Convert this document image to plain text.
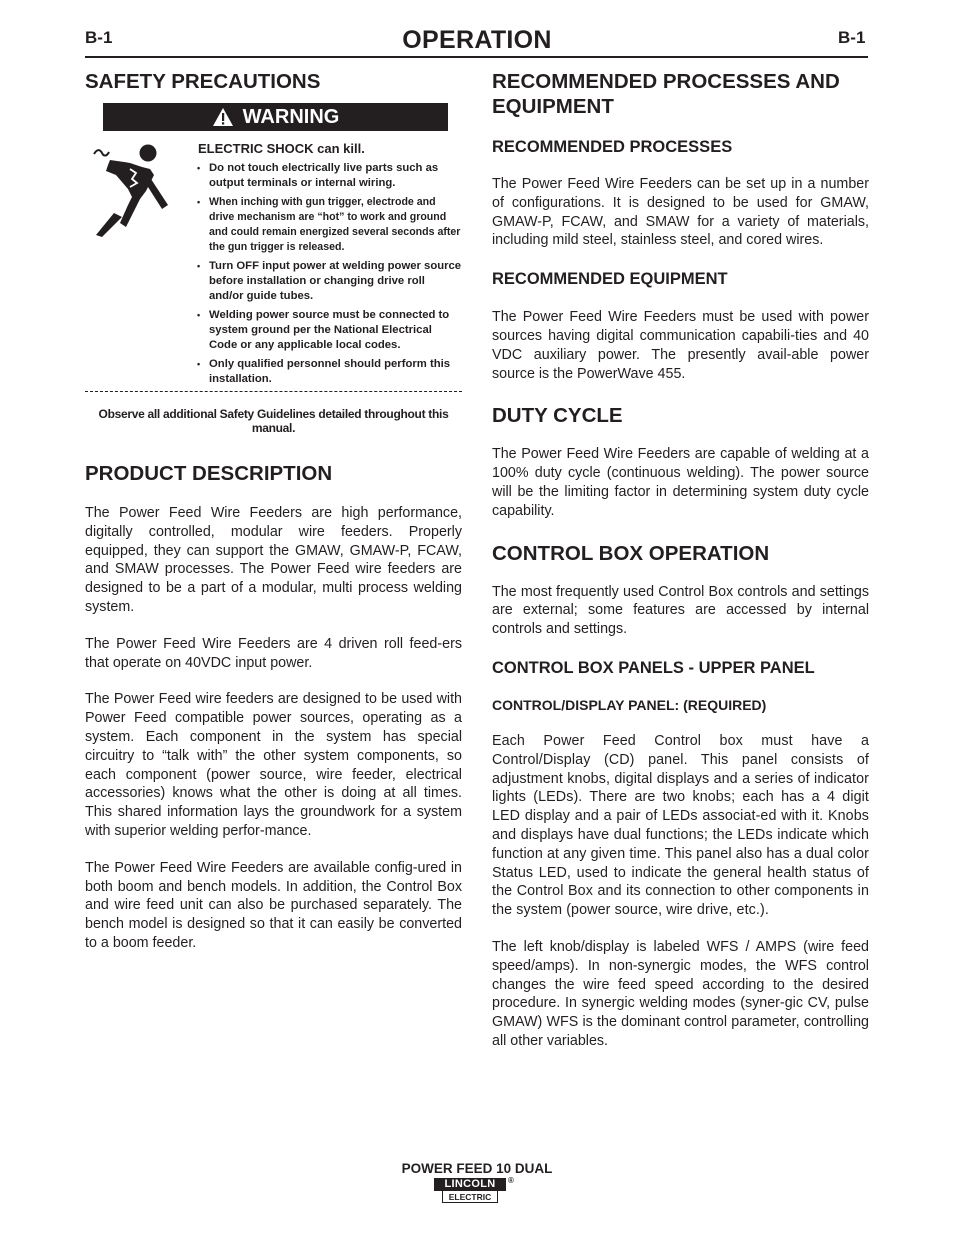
B-1	OPERATION	B-1
SAFETY PRECAUTIONS
WARNING
ELECTRIC SHOCK can kill.
• Do not touch electrically live parts such as output terminals or internal wiring.
• When inching with gun trigger, electrode and drive mechanism are “hot” to work and ground and could remain energized several seconds after the gun trigger is released.
• Turn OFF input power at welding power source before installation or changing drive roll and/or guide tubes.
• Welding power source must be connected to system ground per the National Electrical Code or any applicable local codes.
• Only qualified personnel should perform this installation.
Observe all additional Safety Guidelines detailed throughout this manual.
PRODUCT DESCRIPTION

The Power Feed Wire Feeders are high performance, digitally controlled, modular wire feeders. Properly equipped, they can support the GMAW, GMAW-P, FCAW, and SMAW processes. The Power Feed wire feeders are designed to be a part of a modular, multi process welding system.

The Power Feed Wire Feeders are 4 driven roll feed-ers that operate on 40VDC input power.

The Power Feed wire feeders are designed to be used with Power Feed compatible power sources, operating as a system. Each component in the system has special circuitry to “talk with” the other system components, so each component (power source, wire feeder, electrical accessories) knows what the other is doing at all times. This shared information lays the groundwork for a system with superior welding perfor-mance.

The Power Feed Wire Feeders are available config-ured in both boom and bench models. In addition, the Control Box and wire feed unit can also be purchased separately. The bench model is designed so that it can easily be converted to a boom feeder.

RECOMMENDED PROCESSES AND EQUIPMENT
RECOMMENDED PROCESSES

The Power Feed Wire Feeders can be set up in a number of configurations. It is designed to be used for GMAW, GMAW-P, FCAW, and SMAW for a variety of materials, including mild steel, stainless steel, and cored wires.

RECOMMENDED EQUIPMENT

The Power Feed Wire Feeders must be used with power sources having digital communication capabili-ties and 40 VDC auxiliary power. The presently avail-able power source is the PowerWave 455.

DUTY CYCLE

The Power Feed Wire Feeders are capable of welding at a 100% duty cycle (continuous welding). The power source will be the limiting factor in determining system duty cycle capability.

CONTROL BOX OPERATION

The most frequently used Control Box controls and settings are external; some features are accessed by internal controls and settings.

CONTROL BOX PANELS - UPPER PANEL
CONTROL/DISPLAY PANEL: (REQUIRED)

Each Power Feed Control box must have a Control/Display (CD) panel. This panel consists of adjustment knobs, digital displays and a series of indicator lights (LEDs). There are two knobs; each has a 4 digit LED display and a pair of LEDs associat-ed with it. Knobs and displays have dual functions; the LEDs indicate which function at any given time. This panel also has a dual color Status LED, used to indicate the general health status of the Control Box and its connection to other components in the system (power source, wire drive, etc.).

The left knob/display is labeled WFS / AMPS (wire feed speed/amps). In non-synergic modes, the WFS control changes the wire feed speed according to the desired procedure. In synergic welding modes (syner-gic CV, pulse GMAW) WFS is the dominant control parameter, controlling all other variables.

POWER FEED 10 DUAL
LINCOLN
ELECTRIC
®
